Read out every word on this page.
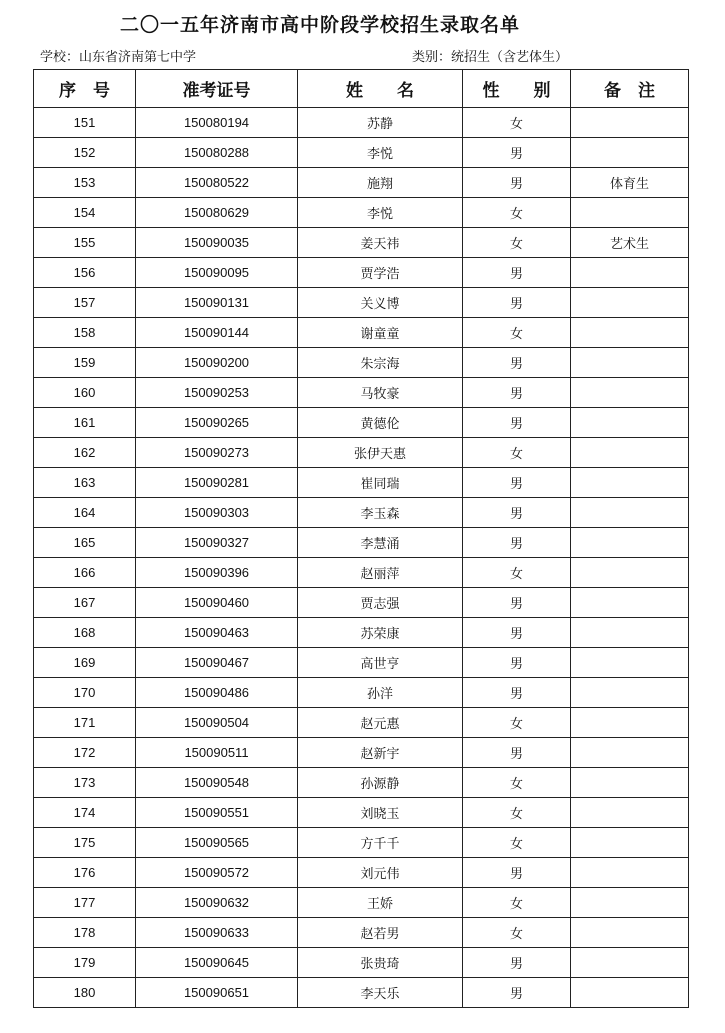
二〇一五年济南市高中阶段学校招生录取名单
学校：山东省济南第七中学	类别：统招生（含艺体生）
序　号	准考证号	姓　　名	性　　别	备　注
151	150080194	苏静	女	
152	150080288	李悦	男	
153	150080522	施翔	男	体育生
154	150080629	李悦	女	
155	150090035	姜天祎	女	艺术生
156	150090095	贾学浩	男	
157	150090131	关义博	男	
158	150090144	谢童童	女	
159	150090200	朱宗海	男	
160	150090253	马牧豪	男	
161	150090265	黄德伦	男	
162	150090273	张伊天惠	女	
163	150090281	崔同瑞	男	
164	150090303	李玉森	男	
165	150090327	李慧涌	男	
166	150090396	赵丽萍	女	
167	150090460	贾志强	男	
168	150090463	苏荣康	男	
169	150090467	高世亨	男	
170	150090486	孙洋	男	
171	150090504	赵元惠	女	
172	150090511	赵新宇	男	
173	150090548	孙源静	女	
174	150090551	刘晓玉	女	
175	150090565	方千千	女	
176	150090572	刘元伟	男	
177	150090632	王娇	女	
178	150090633	赵若男	女	
179	150090645	张贵琦	男	
180	150090651	李天乐	男	
